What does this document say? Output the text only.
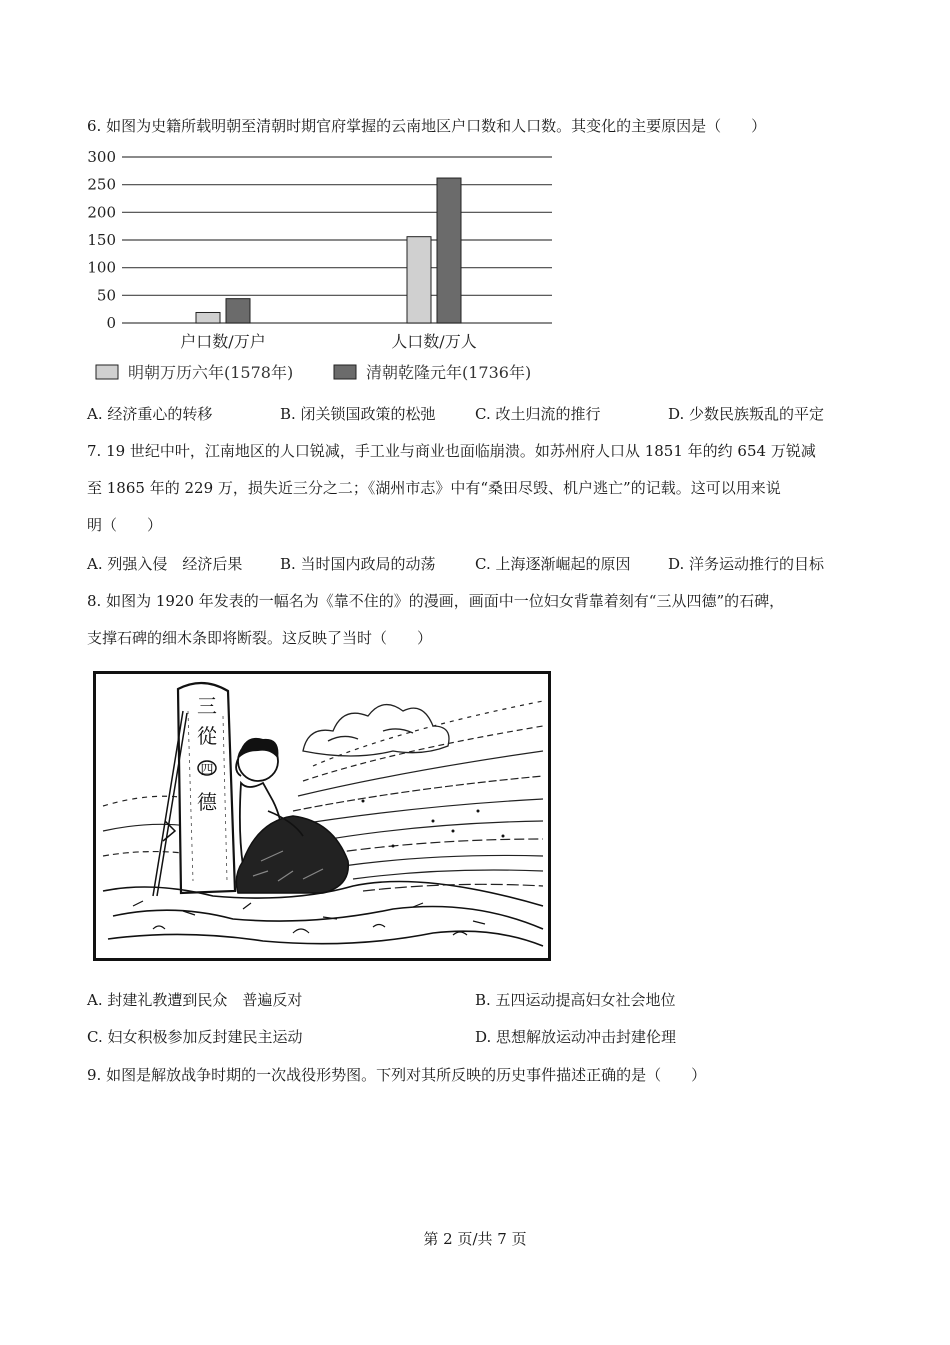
6. 如图为史籍所载明朝至清朝时期官府掌握的云南地区户口数和人口数。其变化的主要原因是（　　）
0
50
100
150
200
250
300
户口数/万户	人口数/万人
明朝万历六年(1578年)	清朝乾隆元年(1736年)
A. 经济重心的转移	B. 闭关锁国政策的松弛	C. 改土归流的推行	D. 少数民族叛乱的平定
7. 19 世纪中叶，江南地区的人口锐减，手工业与商业也面临崩溃。如苏州府人口从 1851 年的约 654 万锐减
至 1865 年的 229 万，损失近三分之二；《湖州市志》中有“桑田尽毁、机户逃亡”的记载。这可以用来说
明（　　）
A. 列强入侵　经济后果	B. 当时国内政局的动荡	C. 上海逐渐崛起的原因	D. 洋务运动推行的目标
8. 如图为 1920 年发表的一幅名为《靠不住的》的漫画，画面中一位妇女背靠着刻有“三从四德”的石碑，
支撑石碑的细木条即将断裂。这反映了当时（　　）
三
從
四
德
A. 封建礼教遭到民众　普遍反对	B. 五四运动提高妇女社会地位
C. 妇女积极参加反封建民主运动	D. 思想解放运动冲击封建伦理
9. 如图是解放战争时期的一次战役形势图。下列对其所反映的历史事件描述正确的是（　　）
第 2 页/共 7 页
